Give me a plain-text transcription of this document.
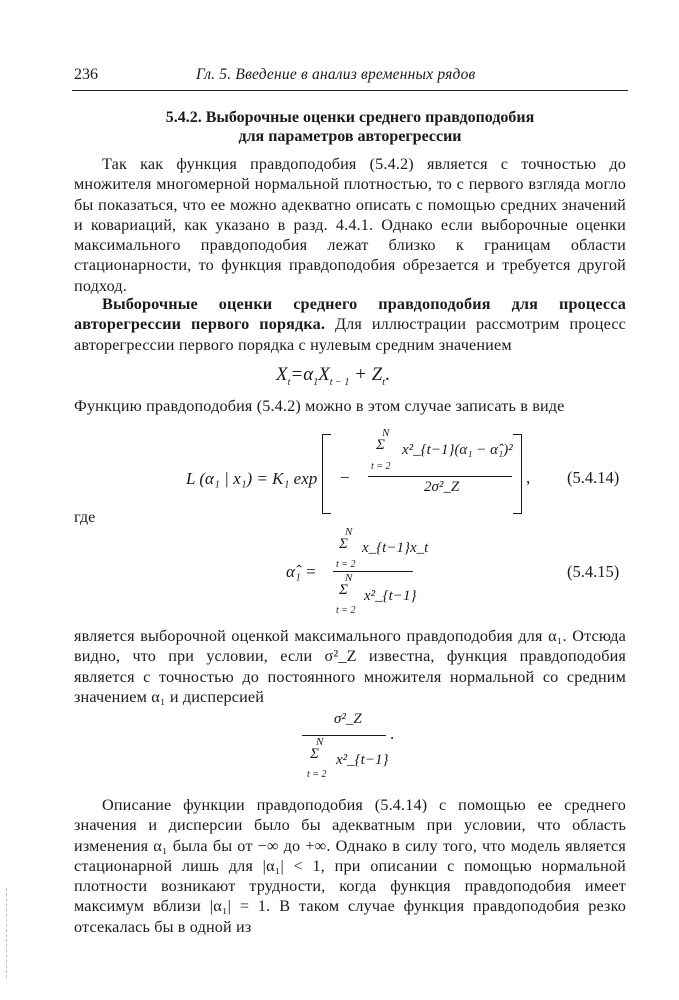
236	Гл. 5. Введение в анализ временных рядов
5.4.2. Выборочные оценки среднего правдоподобия
для параметров авторегрессии
Так как функция правдоподобия (5.4.2) является с точностью до множителя многомерной нормальной плотностью, то с первого взгляда могло бы показаться, что ее можно адекватно описать с помощью средних значений и ковариаций, как указано в разд. 4.4.1. Однако если выборочные оценки максимального правдоподобия лежат близко к границам области стационарности, то функция правдоподобия обрезается и требуется другой подход.
Выборочные оценки среднего правдоподобия для процесса авторегрессии первого порядка. Для иллюстрации рассмотрим процесс авторегрессии первого порядка с нулевым средним значением
$X_t=\alpha_1X_{t - 1} + Z_t$.
Функцию правдоподобия (5.4.2) можно в этом случае записать в виде
L (α₁ | x₁) = K₁ exp −
N
Σ
t = 2
x²_{t−1}(α₁ − α̂₁)²
2σ²_Z	, (5.4.14)
где
α̂₁ =
N
Σ
t = 2
x_{t−1}x_t
N
Σ
t = 2
x²_{t−1}
(5.4.15)
является выборочной оценкой максимального правдоподобия для α₁. Отсюда видно, что при условии, если σ²_Z известна, функция правдоподобия является с точностью до постоянного множителя нормальной со средним значением α₁ и дисперсией
σ²_Z
N
Σ
t = 2
x²_{t−1}
.
Описание функции правдоподобия (5.4.14) с помощью ее среднего значения и дисперсии было бы адекватным при условии, что область изменения α₁ была бы от −∞ до +∞. Однако в силу того, что модель является стационарной лишь для |α₁| < 1, при описании с помощью нормальной плотности возникают трудности, когда функция правдоподобия имеет максимум вблизи |α₁| = 1. В таком случае функция правдоподобия резко отсекалась бы в одной из
